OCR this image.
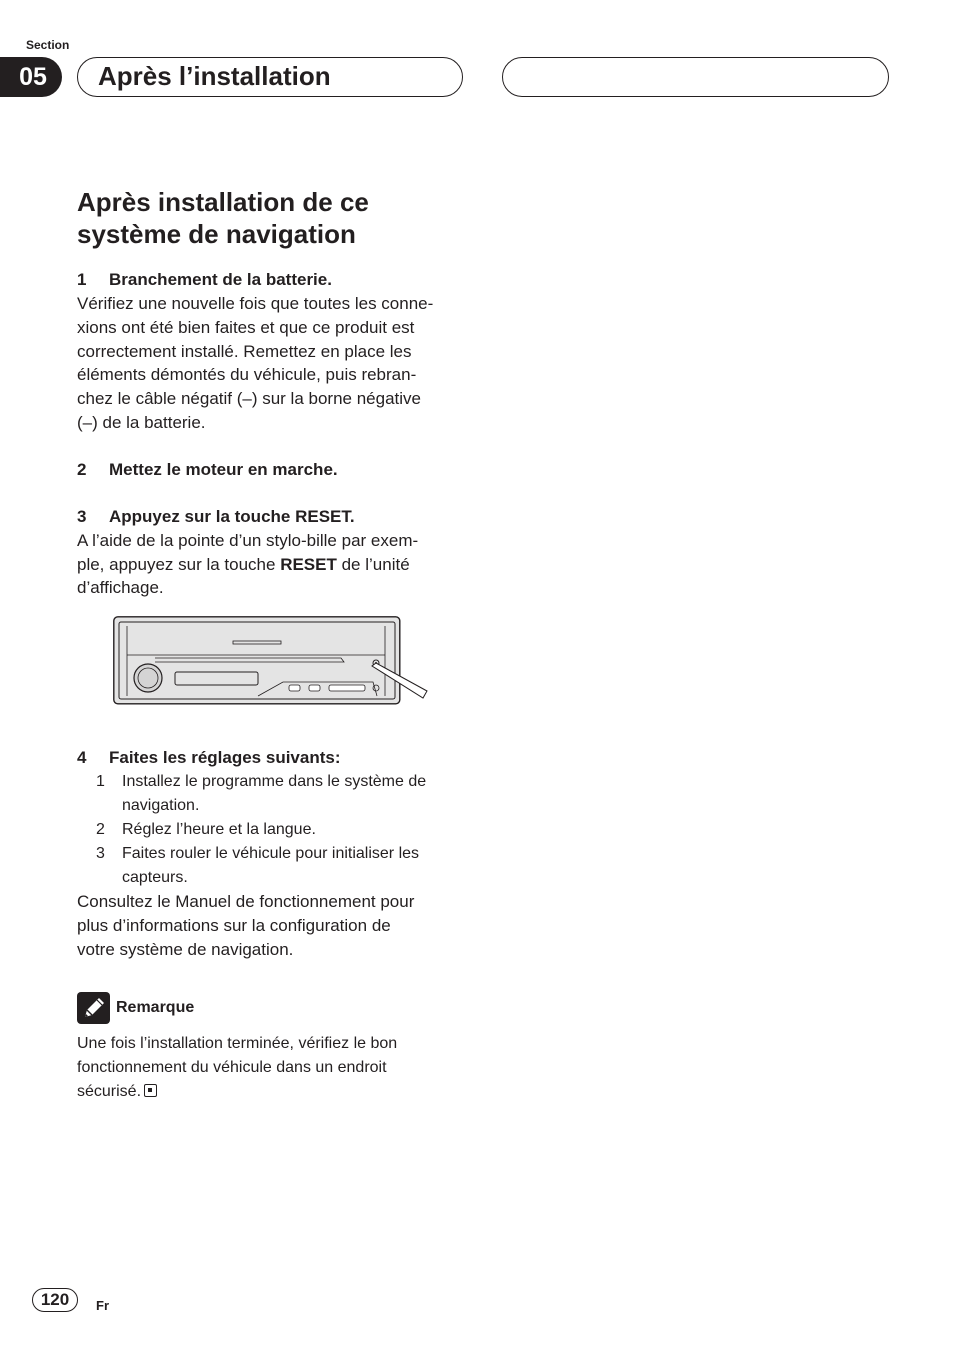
Section
05	Après l’installation
Après installation de ce
système de navigation
1	Branchement de la batterie.

Vérifiez une nouvelle fois que toutes les conne-
xions ont été bien faites et que ce produit est
correctement installé. Remettez en place les
éléments démontés du véhicule, puis rebran-
chez le câble négatif (–) sur la borne négative
(–) de la batterie.

2	Mettez le moteur en marche.
3	Appuyez sur la touche RESET.

A l’aide de la pointe d’un stylo-bille par exem-
ple, appuyez sur la touche RESET de l’unité
d’affichage.

4	Faites les réglages suivants:
1	Installez le programme dans le système de
navigation.
2	Réglez l’heure et la langue.
3	Faites rouler le véhicule pour initialiser les
capteurs.

Consultez le Manuel de fonctionnement pour
plus d’informations sur la configuration de
votre système de navigation.

Remarque

Une fois l’installation terminée, vérifiez le bon
fonctionnement du véhicule dans un endroit
sécurisé.

120	Fr
